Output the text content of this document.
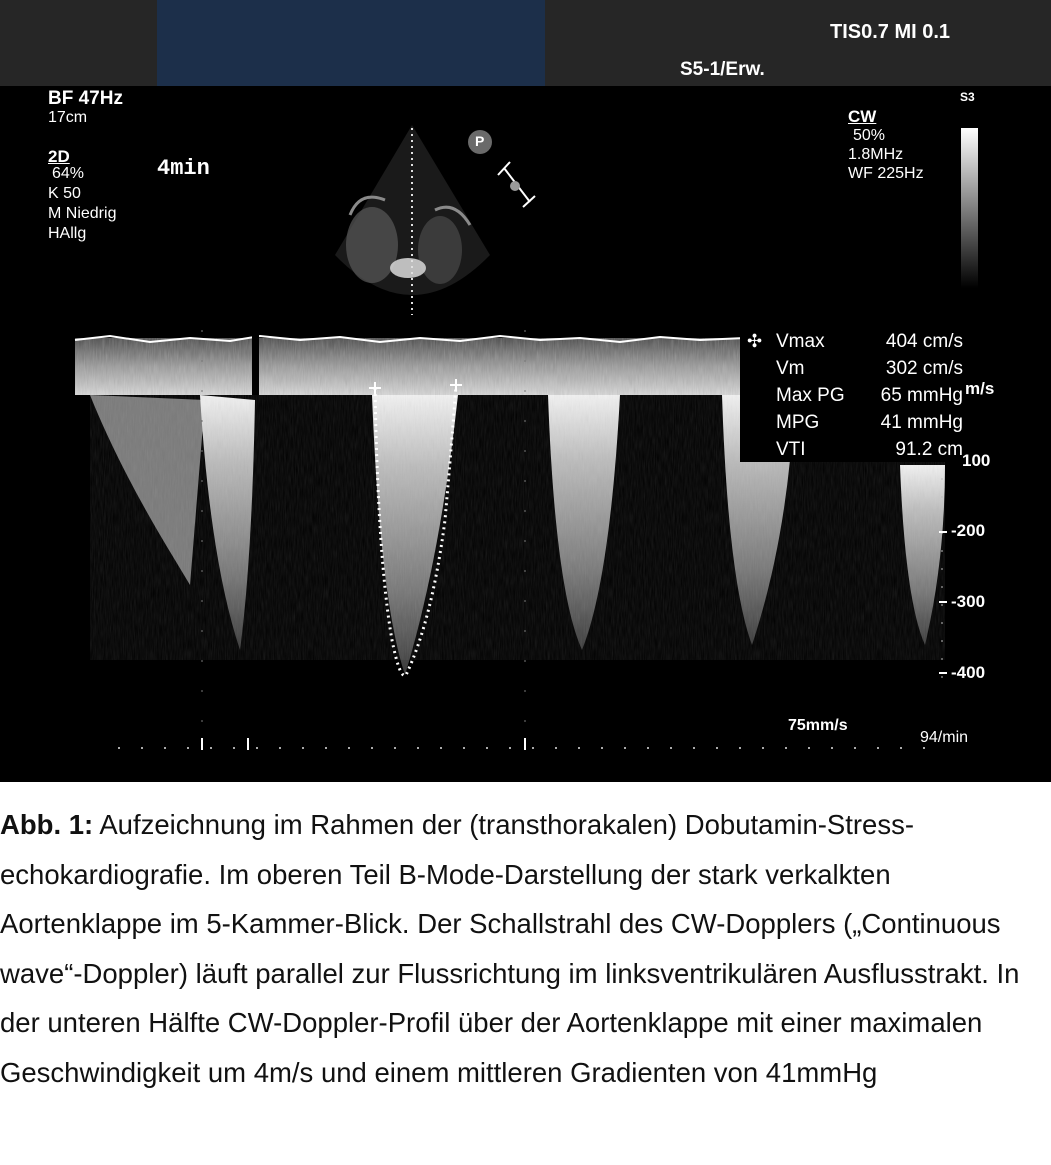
TIS0.7 MI 0.1
S5-1/Erw.
BF 47Hz
17cm
2D
64%
K 50
M Niedrig
HAllg
4min
P
S3
CW
50%
1.8MHz
WF 225Hz
✣ Vmax	404 cm/s
Vm	302 cm/s
Max PG	65 mmHg
MPG	41 mmHg
VTI	91.2 cm
m/s
100
-200
-300
-400
75mm/s
94/min
Abb. 1: Aufzeichnung im Rahmen der (transthorakalen) Dobutamin-Stress-echokardiografie. Im oberen Teil B-Mode-Darstellung der stark verkalkten Aortenklappe im 5-Kammer-Blick. Der Schallstrahl des CW-Dopplers („Continuous wave“-Doppler) läuft parallel zur Flussrichtung im linksventrikulären Ausflusstrakt. In der unteren Hälfte CW-Doppler-Profil über der Aortenklappe mit einer maximalen Geschwindigkeit um 4m/s und einem mittleren Gradienten von 41mmHg
